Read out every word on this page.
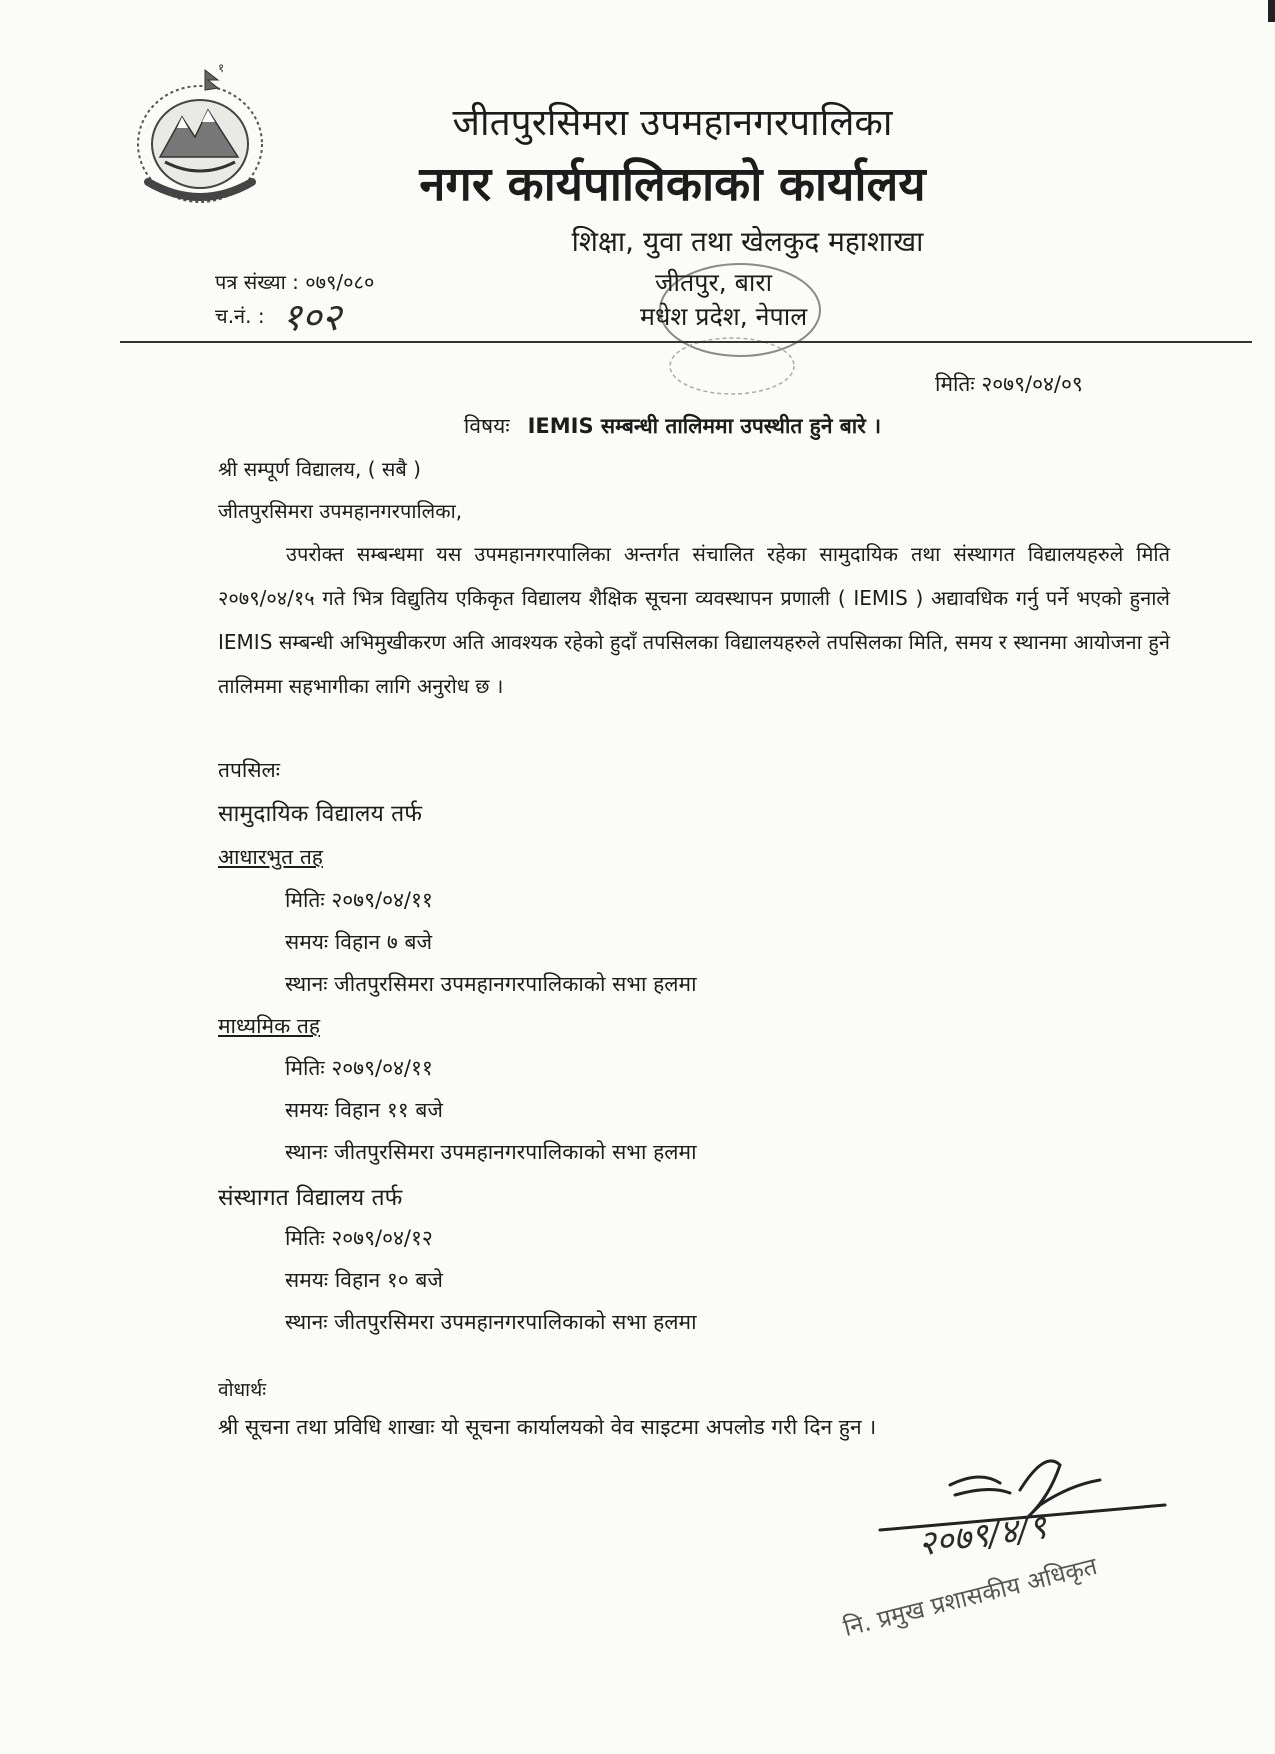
१
जीतपुरसिमरा उपमहानगरपालिका
नगर कार्यपालिकाको कार्यालय
शिक्षा, युवा तथा खेलकुद महाशाखा
जीतपुर, बारा
मधेश प्रदेश, नेपाल
पत्र संख्या : ०७९/०८०
च.नं. : १०२
मितिः २०७९/०४/०९
विषयः IEMIS सम्बन्धी तालिममा उपस्थीत हुने बारे ।
श्री सम्पूर्ण विद्यालय, ( सबै )
जीतपुरसिमरा उपमहानगरपालिका,
उपरोक्त सम्बन्धमा यस उपमहानगरपालिका अन्तर्गत संचालित रहेका सामुदायिक तथा संस्थागत विद्यालयहरुले मिति २०७९/०४/१५ गते भित्र विद्युतिय एकिकृत विद्यालय शैक्षिक सूचना व्यवस्थापन प्रणाली ( IEMIS ) अद्यावधिक गर्नु पर्ने भएको हुनाले IEMIS सम्बन्धी अभिमुखीकरण अति आवश्यक रहेको हुदाँ तपसिलका विद्यालयहरुले तपसिलका मिति, समय र स्थानमा आयोजना हुने तालिममा सहभागीका लागि अनुरोध छ ।
तपसिलः
सामुदायिक विद्यालय तर्फ
आधारभुत तह
मितिः २०७९/०४/११
समयः विहान ७ बजे
स्थानः जीतपुरसिमरा उपमहानगरपालिकाको सभा हलमा
माध्यमिक तह
मितिः २०७९/०४/११
समयः विहान ११ बजे
स्थानः जीतपुरसिमरा उपमहानगरपालिकाको सभा हलमा
संस्थागत विद्यालय तर्फ
मितिः २०७९/०४/१२
समयः विहान १० बजे
स्थानः जीतपुरसिमरा उपमहानगरपालिकाको सभा हलमा
वोधार्थः
श्री सूचना तथा प्रविधि शाखाः यो सूचना कार्यालयको वेव साइटमा अपलोड गरी दिन हुन ।
२०७९/४/९
नि. प्रमुख प्रशासकीय अधिकृत
